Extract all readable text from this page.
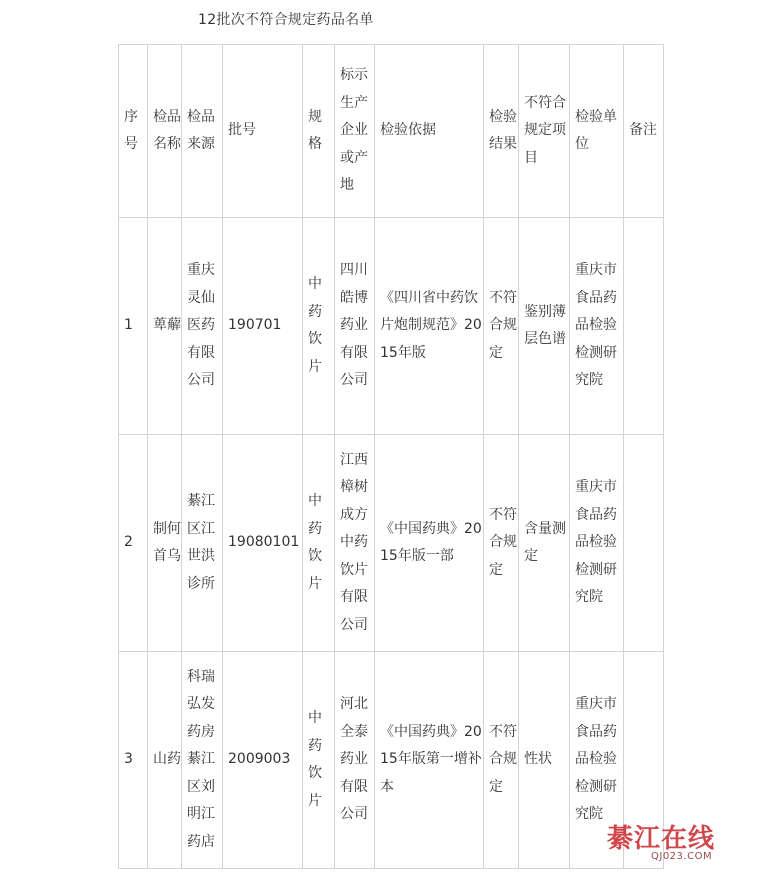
12批次不符合规定药品名单
序号	检品名称	检品来源	批号	规格	标示生产企业或产地	检验依据	检验结果	不符合规定项目	检验单位	备注
1	萆薢	重庆灵仙医药有限公司	190701	中药饮片	四川皓博药业有限公司	《四川省中药饮片炮制规范》2015年版	不符合规定	鉴别薄层色谱	重庆市食品药品检验检测研究院	
2	制何首乌	綦江区江世洪诊所	19080101	中药饮片	江西樟树成方中药饮片有限公司	《中国药典》2015年版一部	不符合规定	含量测定	重庆市食品药品检验检测研究院	
3	山药	科瑞弘发药房綦江区刘明江药店	2009003	中药饮片	河北全泰药业有限公司	《中国药典》2015年版第一增补本	不符合规定	性状	重庆市食品药品检验检测研究院	
綦江在线
QJ023.COM
